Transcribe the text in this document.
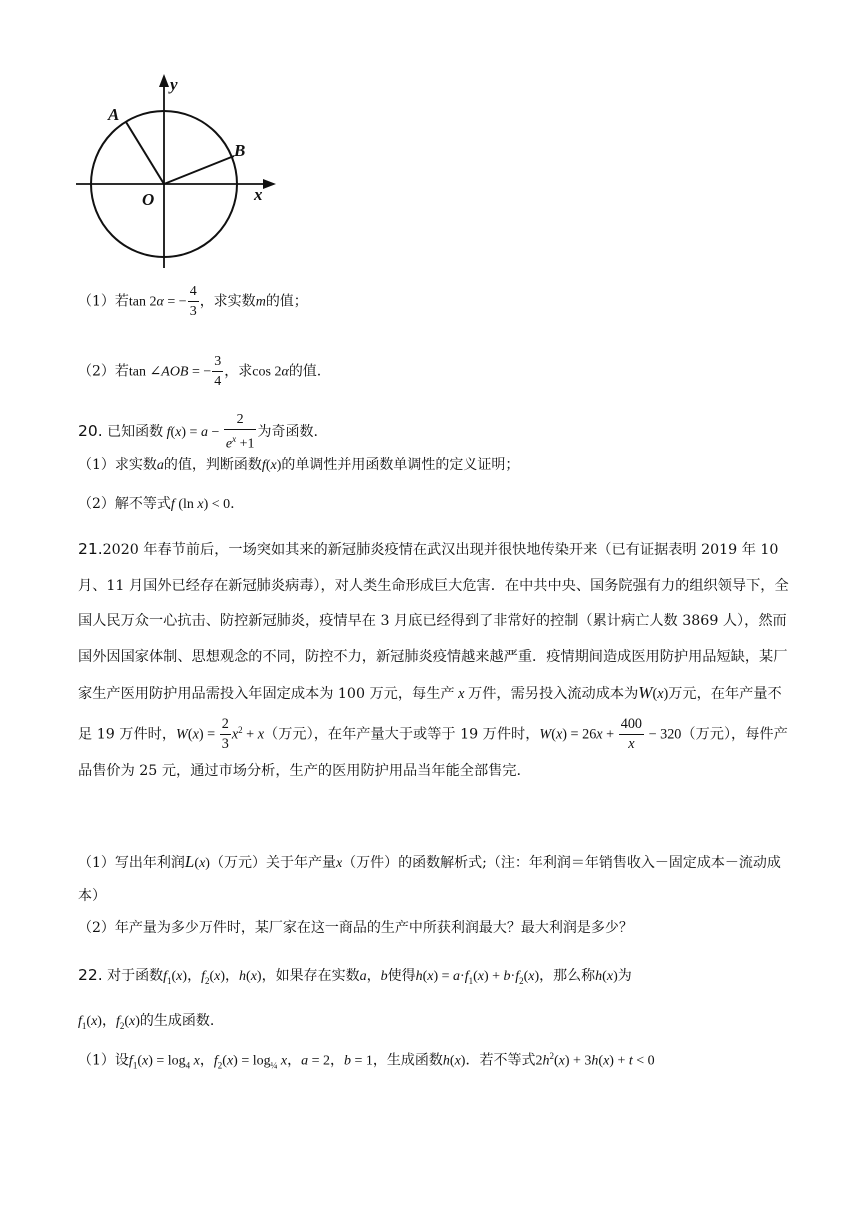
A
B
O	x
y
（1）若tan 2α = − $\frac{4}{3}$ ，求实数m的值；
（2）若tan ∠AOB = − $\frac{3}{4}$ ，求cos 2α的值.
20. 已知函数 $f(x) = a - \frac{2}{e^x +1}$ 为奇函数.
（1）求实数a的值，判断函数f(x)的单调性并用函数单调性的定义证明；
（2）解不等式f (ln x) < 0.
21.2020 年春节前后，一场突如其来的新冠肺炎疫情在武汉出现并很快地传染开来（已有证据表明 2019 年 10 月、11 月国外已经存在新冠肺炎病毒），对人类生命形成巨大危害．在中共中央、国务院强有力的组织领导下，全国人民万众一心抗击、防控新冠肺炎，疫情早在 3 月底已经得到了非常好的控制（累计病亡人数 3869 人），然而国外因国家体制、思想观念的不同，防控不力，新冠肺炎疫情越来越严重．疫情期间造成医用防护用品短缺，某厂家生产医用防护用品需投入年固定成本为 100 万元，每生产 x 万件，需另投入流动成本为W(x)万元，在年产量不足 19 万件时，$W(x) = \frac{2}{3} x^2 + x$（万元），在年产量大于或等于 19 万件时，$W(x) = 26x + \frac{400}{x} - 320$（万元），每件产品售价为 25 元，通过市场分析，生产的医用防护用品当年能全部售完.
（1）写出年利润L(x)（万元）关于年产量x（万件）的函数解析式;（注：年利润＝年销售收入－固定成本－流动成本）
（2）年产量为多少万件时，某厂家在这一商品的生产中所获利润最大？最大利润是多少？
22. 对于函数$f_1(x)$，$f_2(x)$，h(x)，如果存在实数a，b使得$h(x) = a\cdot f_1(x) + b\cdot f_2(x)$，那么称h(x)为
$f_1(x)$，$f_2(x)$的生成函数.
（1）设$f_1(x) = \log_4 x$，$f_2(x) = \log_{\frac{1}{4}} x$，a = 2，b = 1，生成函数h(x)．若不等式$2h^2(x) + 3h(x) + t < 0$
